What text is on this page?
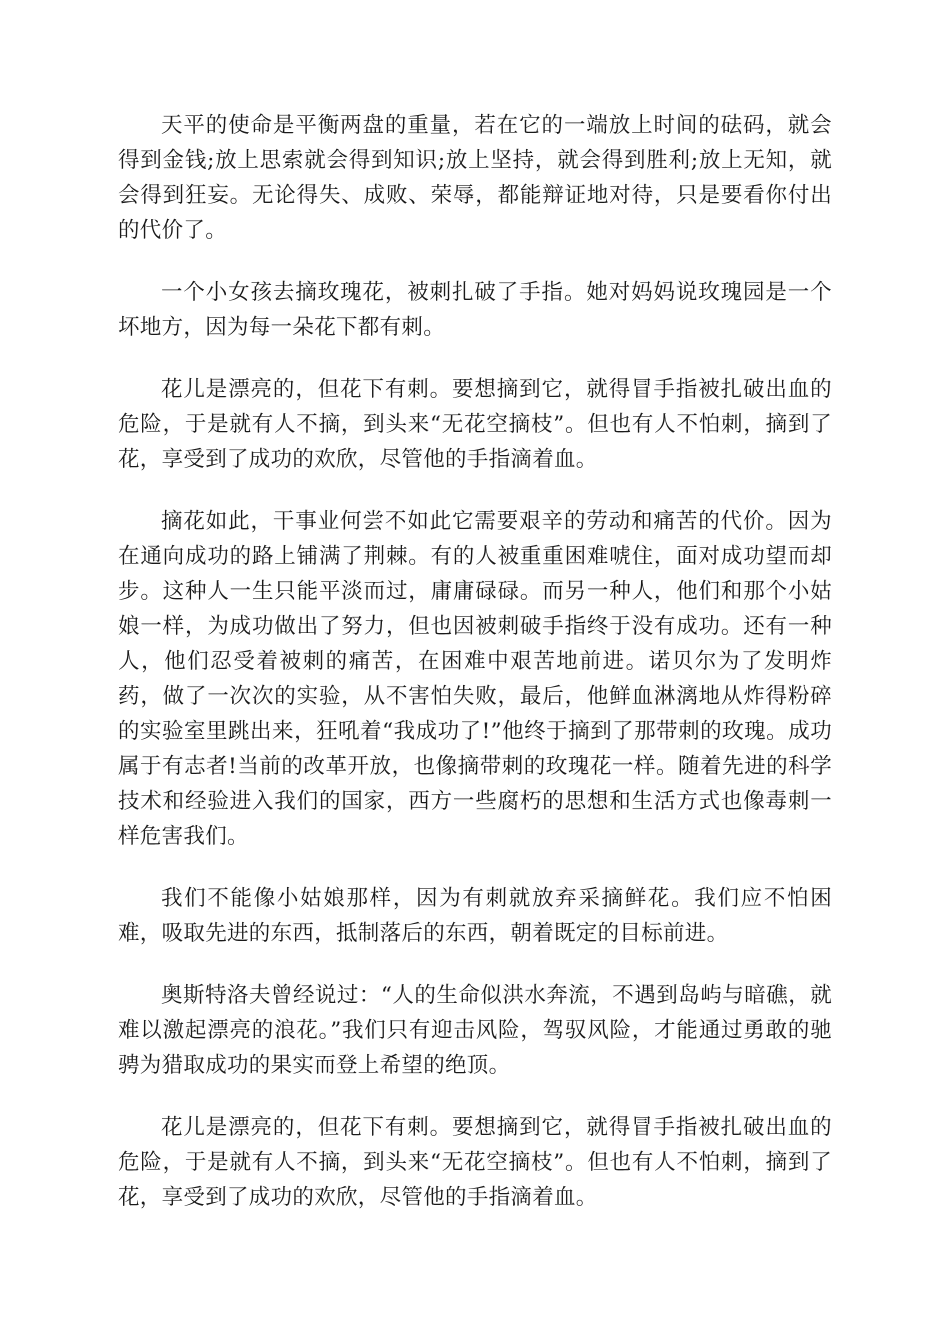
天平的使命是平衡两盘的重量，若在它的一端放上时间的砝码，就会得到金钱;放上思索就会得到知识;放上坚持，就会得到胜利;放上无知，就会得到狂妄。无论得失、成败、荣辱，都能辩证地对待，只是要看你付出的代价了。

一个小女孩去摘玫瑰花，被刺扎破了手指。她对妈妈说玫瑰园是一个坏地方，因为每一朵花下都有刺。

花儿是漂亮的，但花下有刺。要想摘到它，就得冒手指被扎破出血的危险，于是就有人不摘，到头来“无花空摘枝”。但也有人不怕刺，摘到了花，享受到了成功的欢欣，尽管他的手指滴着血。

摘花如此，干事业何尝不如此它需要艰辛的劳动和痛苦的代价。因为在通向成功的路上铺满了荆棘。有的人被重重困难唬住，面对成功望而却步。这种人一生只能平淡而过，庸庸碌碌。而另一种人，他们和那个小姑娘一样，为成功做出了努力，但也因被刺破手指终于没有成功。还有一种人，他们忍受着被刺的痛苦，在困难中艰苦地前进。诺贝尔为了发明炸药，做了一次次的实验，从不害怕失败，最后，他鲜血淋漓地从炸得粉碎的实验室里跳出来，狂吼着“我成功了!”他终于摘到了那带刺的玫瑰。成功属于有志者!当前的改革开放，也像摘带刺的玫瑰花一样。随着先进的科学技术和经验进入我们的国家，西方一些腐朽的思想和生活方式也像毒刺一样危害我们。

我们不能像小姑娘那样，因为有刺就放弃采摘鲜花。我们应不怕困难，吸取先进的东西，抵制落后的东西，朝着既定的目标前进。

奥斯特洛夫曾经说过：“人的生命似洪水奔流，不遇到岛屿与暗礁，就难以激起漂亮的浪花。”我们只有迎击风险，驾驭风险，才能通过勇敢的驰骋为猎取成功的果实而登上希望的绝顶。

花儿是漂亮的，但花下有刺。要想摘到它，就得冒手指被扎破出血的危险，于是就有人不摘，到头来“无花空摘枝”。但也有人不怕刺，摘到了花，享受到了成功的欢欣，尽管他的手指滴着血。
